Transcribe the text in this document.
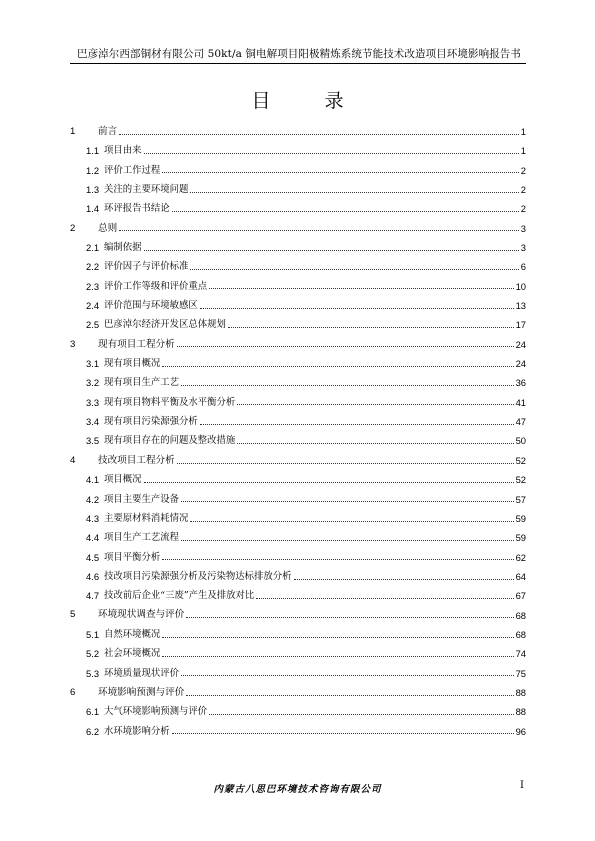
巴彦淖尔西部铜材有限公司 50kt/a 铜电解项目阳极精炼系统节能技术改造项目环境影响报告书
目 录
1	前言	1
1.1 项目由来	1
1.2 评价工作过程	2
1.3 关注的主要环境问题	2
1.4 环评报告书结论	2
2	总则	3
2.1 编制依据	3
2.2 评价因子与评价标准	6
2.3 评价工作等级和评价重点	10
2.4 评价范围与环境敏感区	13
2.5 巴彦淖尔经济开发区总体规划	17
3	现有项目工程分析	24
3.1 现有项目概况	24
3.2 现有项目生产工艺	36
3.3 现有项目物料平衡及水平衡分析	41
3.4 现有项目污染源强分析	47
3.5 现有项目存在的问题及整改措施	50
4	技改项目工程分析	52
4.1 项目概况	52
4.2 项目主要生产设备	57
4.3 主要原材料消耗情况	59
4.4 项目生产工艺流程	59
4.5 项目平衡分析	62
4.6 技改项目污染源强分析及污染物达标排放分析	64
4.7 技改前后企业“三废”产生及排放对比	67
5	环境现状调查与评价	68
5.1 自然环境概况	68
5.2 社会环境概况	74
5.3 环境质量现状评价	75
6	环境影响预测与评价	88
6.1 大气环境影响预测与评价	88
6.2 水环境影响分析	96
内蒙古八思巴环境技术咨询有限公司	I
